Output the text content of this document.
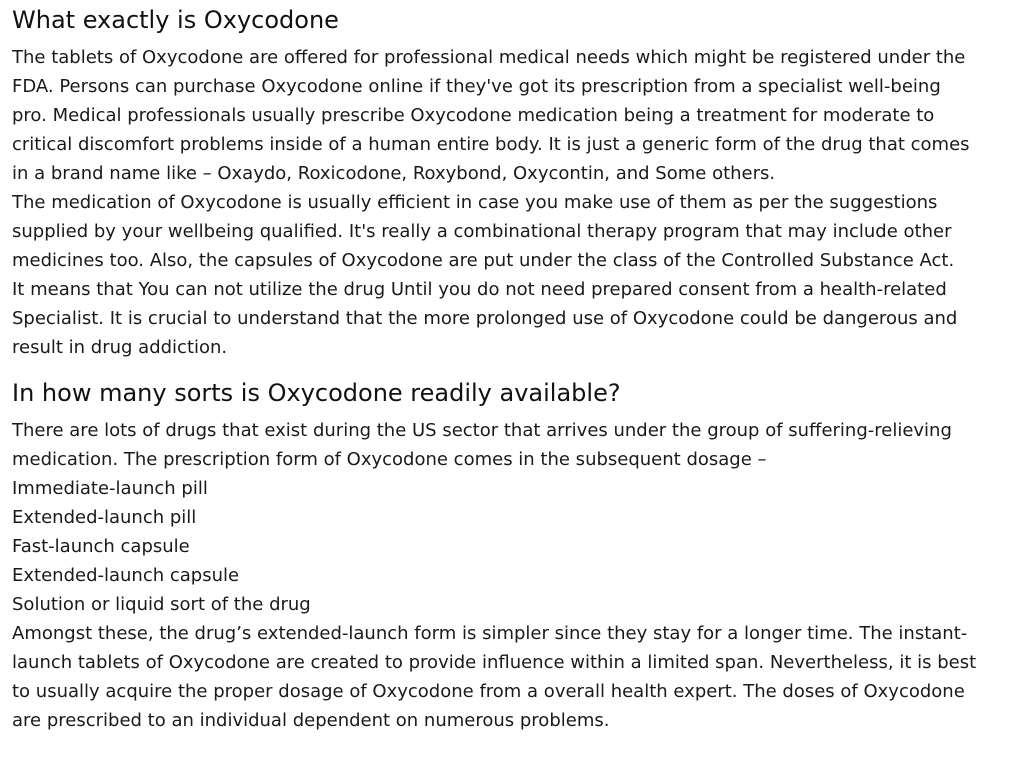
What exactly is Oxycodone

The tablets of Oxycodone are offered for professional medical needs which might be registered under the
FDA. Persons can purchase Oxycodone online if they've got its prescription from a specialist well-being
pro. Medical professionals usually prescribe Oxycodone medication being a treatment for moderate to
critical discomfort problems inside of a human entire body. It is just a generic form of the drug that comes
in a brand name like – Oxaydo, Roxicodone, Roxybond, Oxycontin, and Some others.

The medication of Oxycodone is usually efficient in case you make use of them as per the suggestions
supplied by your wellbeing qualified. It's really a combinational therapy program that may include other
medicines too. Also, the capsules of Oxycodone are put under the class of the Controlled Substance Act.
It means that You can not utilize the drug Until you do not need prepared consent from a health-related
Specialist. It is crucial to understand that the more prolonged use of Oxycodone could be dangerous and
result in drug addiction.

In how many sorts is Oxycodone readily available?

There are lots of drugs that exist during the US sector that arrives under the group of suffering-relieving
medication. The prescription form of Oxycodone comes in the subsequent dosage –

Immediate-launch pill
Extended-launch pill
Fast-launch capsule
Extended-launch capsule
Solution or liquid sort of the drug

Amongst these, the drug’s extended-launch form is simpler since they stay for a longer time. The instant-
launch tablets of Oxycodone are created to provide influence within a limited span. Nevertheless, it is best
to usually acquire the proper dosage of Oxycodone from a overall health expert. The doses of Oxycodone
are prescribed to an individual dependent on numerous problems.
